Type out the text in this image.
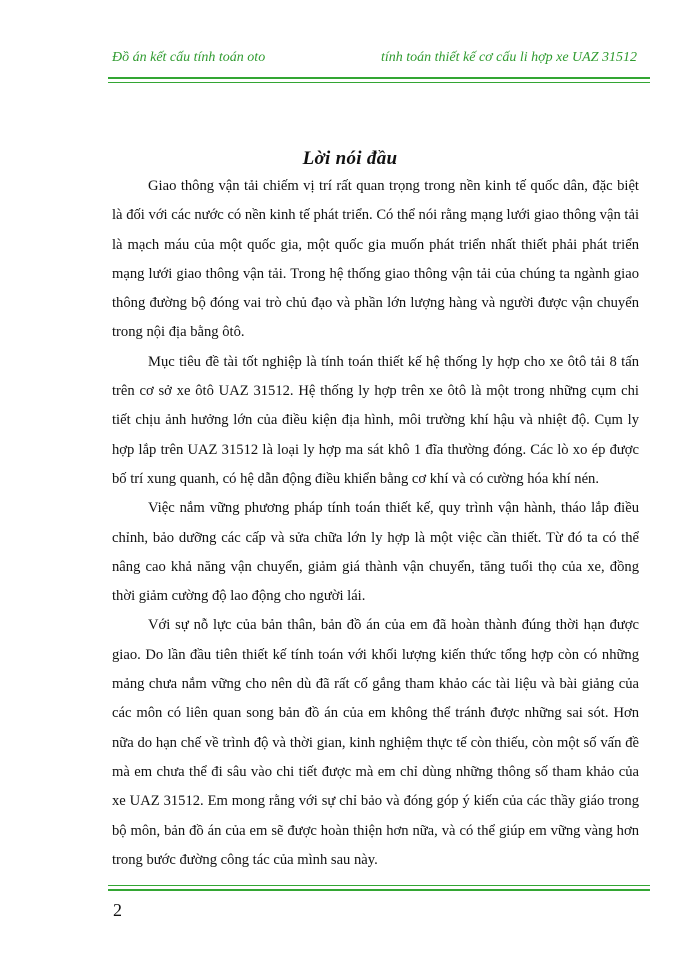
Đồ án kết cấu tính toán oto	tính toán thiết kế cơ cấu li hợp xe UAZ 31512
Lời nói đầu

Giao thông vận tải chiếm vị trí rất quan trọng trong nền kinh tế quốc dân, đặc biệt là đối với các nước có nền kinh tế phát triển. Có thể nói rằng mạng lưới giao thông vận tải là mạch máu của một quốc gia, một quốc gia muốn phát triển nhất thiết phải phát triển mạng lưới giao thông vận tải. Trong hệ thống giao thông vận tải của chúng ta ngành giao thông đường bộ đóng vai trò chủ đạo và phần lớn lượng hàng và người được vận chuyển trong nội địa bằng ôtô.

Mục tiêu đề tài tốt nghiệp là tính toán thiết kế hệ thống ly hợp cho xe ôtô tải 8 tấn trên cơ sở xe ôtô UAZ 31512. Hệ thống ly hợp trên xe ôtô là một trong những cụm chi tiết chịu ảnh hưởng lớn của điều kiện địa hình, môi trường khí hậu và nhiệt độ. Cụm ly hợp lắp trên UAZ 31512 là loại ly hợp ma sát khô 1 đĩa thường đóng. Các lò xo ép được bố trí xung quanh, có hệ dẫn động điều khiển bằng cơ khí và có cường hóa khí nén.

Việc nắm vững phương pháp tính toán thiết kế, quy trình vận hành, tháo lắp điều chỉnh, bảo dưỡng các cấp và sửa chữa lớn ly hợp là một việc cần thiết. Từ đó ta có thể nâng cao khả năng vận chuyển, giảm giá thành vận chuyển, tăng tuổi thọ của xe, đồng thời giảm cường độ lao động cho người lái.

Với sự nỗ lực của bản thân, bản đồ án của em đã hoàn thành đúng thời hạn được giao. Do lần đầu tiên thiết kế tính toán với khối lượng kiến thức tổng hợp còn có những mảng chưa nắm vững cho nên dù đã rất cố gắng tham khảo các tài liệu và bài giảng của các môn có liên quan song bản đồ án của em không thể tránh được những sai sót. Hơn nữa do hạn chế về trình độ và thời gian, kinh nghiệm thực tế còn thiếu, còn một số vấn đề mà em chưa thể đi sâu vào chi tiết được mà em chỉ dùng những thông số tham khảo của xe UAZ 31512. Em mong rằng với sự chỉ bảo và đóng góp ý kiến của các thầy giáo trong bộ môn, bản đồ án của em sẽ được hoàn thiện hơn nữa, và có thể giúp em vững vàng hơn trong bước đường công tác của mình sau này.

2
